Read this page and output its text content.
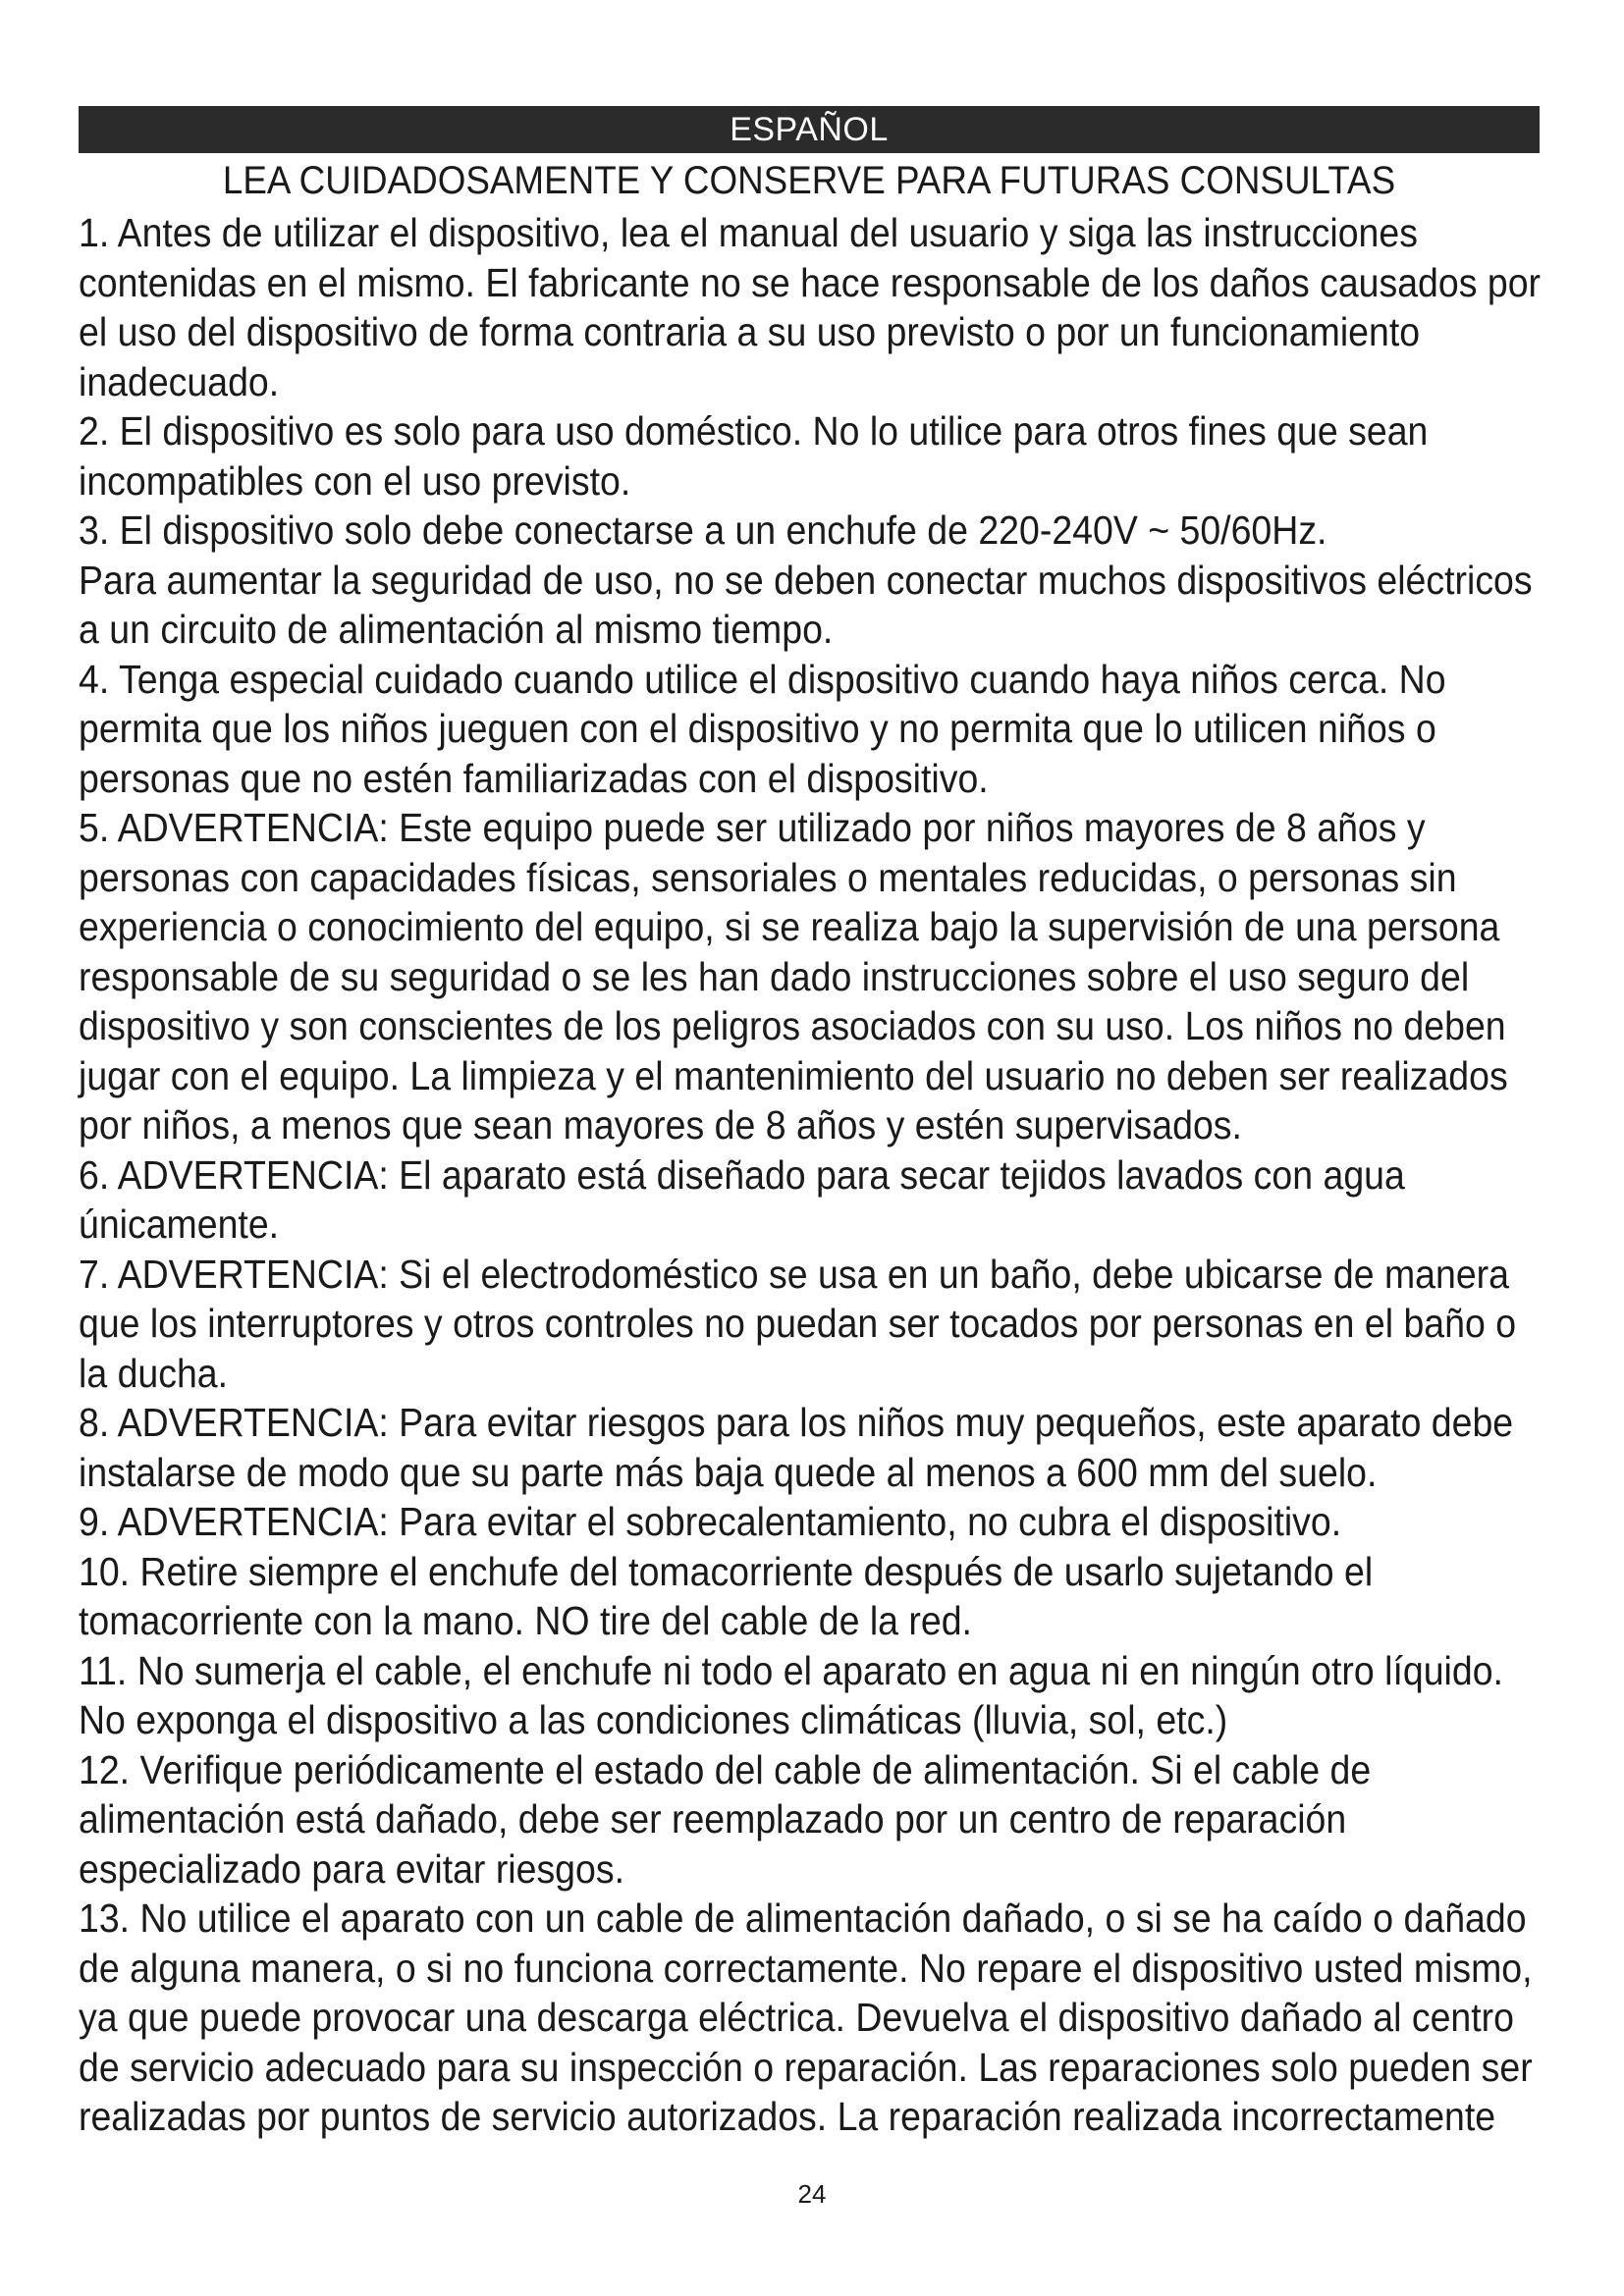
ESPAÑOL
LEA CUIDADOSAMENTE Y CONSERVE PARA FUTURAS CONSULTAS

1. Antes de utilizar el dispositivo, lea el manual del usuario y siga las instrucciones contenidas en el mismo. El fabricante no se hace responsable de los daños causados por el uso del dispositivo de forma contraria a su uso previsto o por un funcionamiento inadecuado.

2. El dispositivo es solo para uso doméstico. No lo utilice para otros fines que sean incompatibles con el uso previsto.

3. El dispositivo solo debe conectarse a un enchufe de 220-240V ~ 50/60Hz.

Para aumentar la seguridad de uso, no se deben conectar muchos dispositivos eléctricos a un circuito de alimentación al mismo tiempo.

4. Tenga especial cuidado cuando utilice el dispositivo cuando haya niños cerca. No permita que los niños jueguen con el dispositivo y no permita que lo utilicen niños o personas que no estén familiarizadas con el dispositivo.

5. ADVERTENCIA: Este equipo puede ser utilizado por niños mayores de 8 años y personas con capacidades físicas, sensoriales o mentales reducidas, o personas sin experiencia o conocimiento del equipo, si se realiza bajo la supervisión de una persona responsable de su seguridad o se les han dado instrucciones sobre el uso seguro del dispositivo y son conscientes de los peligros asociados con su uso. Los niños no deben jugar con el equipo. La limpieza y el mantenimiento del usuario no deben ser realizados por niños, a menos que sean mayores de 8 años y estén supervisados.

6. ADVERTENCIA: El aparato está diseñado para secar tejidos lavados con agua únicamente.

7. ADVERTENCIA: Si el electrodoméstico se usa en un baño, debe ubicarse de manera que los interruptores y otros controles no puedan ser tocados por personas en el baño o la ducha.

8. ADVERTENCIA: Para evitar riesgos para los niños muy pequeños, este aparato debe instalarse de modo que su parte más baja quede al menos a 600 mm del suelo.

9. ADVERTENCIA: Para evitar el sobrecalentamiento, no cubra el dispositivo.

10. Retire siempre el enchufe del tomacorriente después de usarlo sujetando el tomacorriente con la mano. NO tire del cable de la red.

11. No sumerja el cable, el enchufe ni todo el aparato en agua ni en ningún otro líquido. No exponga el dispositivo a las condiciones climáticas (lluvia, sol, etc.)

12. Verifique periódicamente el estado del cable de alimentación. Si el cable de alimentación está dañado, debe ser reemplazado por un centro de reparación especializado para evitar riesgos.

13. No utilice el aparato con un cable de alimentación dañado, o si se ha caído o dañado de alguna manera, o si no funciona correctamente. No repare el dispositivo usted mismo, ya que puede provocar una descarga eléctrica. Devuelva el dispositivo dañado al centro de servicio adecuado para su inspección o reparación. Las reparaciones solo pueden ser realizadas por puntos de servicio autorizados. La reparación realizada incorrectamente

24
